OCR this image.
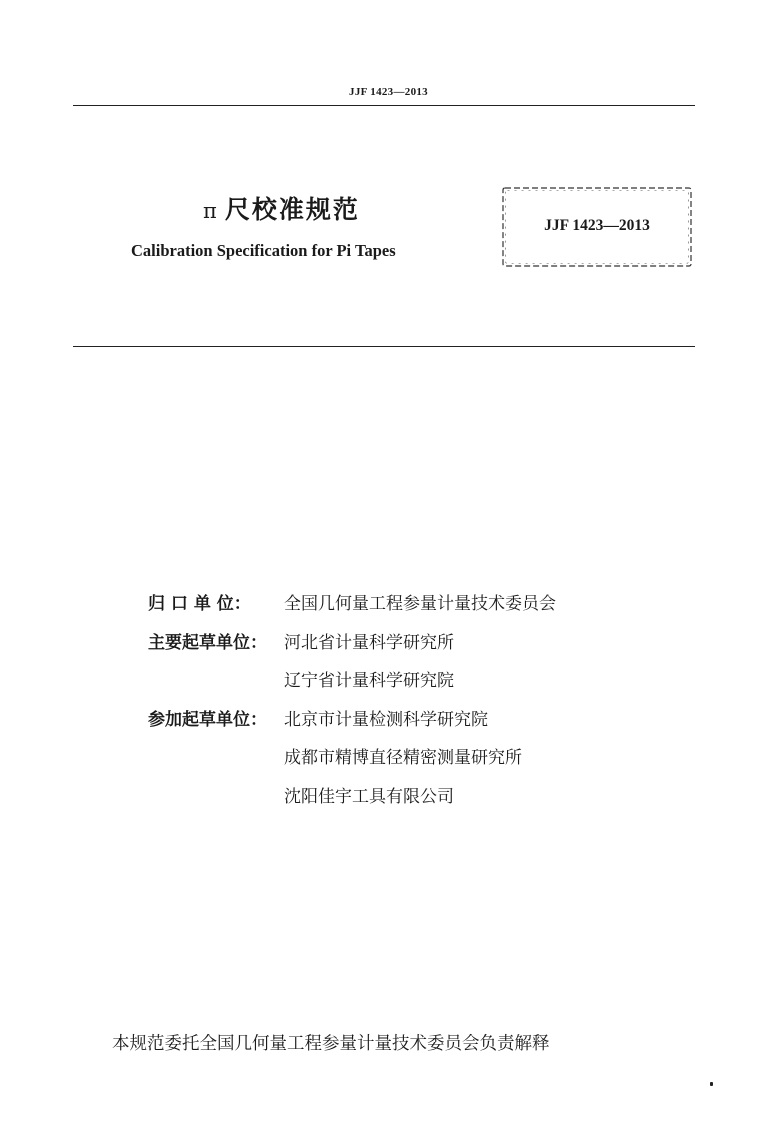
JJF 1423—2013
π 尺校准规范
Calibration Specification for Pi Tapes
JJF 1423—2013
归 口 单 位：	全国几何量工程参量计量技术委员会
主要起草单位：	河北省计量科学研究所
辽宁省计量科学研究院
参加起草单位：	北京市计量检测科学研究院
成都市精博直径精密测量研究所
沈阳佳宇工具有限公司
本规范委托全国几何量工程参量计量技术委员会负责解释
